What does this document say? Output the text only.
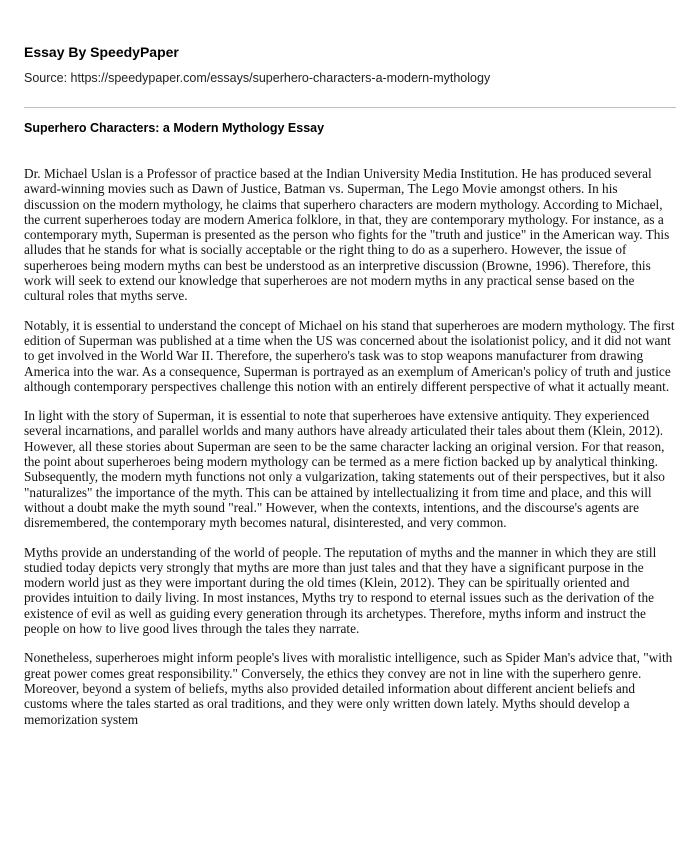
Essay By SpeedyPaper
Source: https://speedypaper.com/essays/superhero-characters-a-modern-mythology
Superhero Characters: a Modern Mythology Essay

Dr. Michael Uslan is a Professor of practice based at the Indian University Media Institution. He has produced several award-winning movies such as Dawn of Justice, Batman vs. Superman, The Lego Movie amongst others. In his discussion on the modern mythology, he claims that superhero characters are modern mythology. According to Michael, the current superheroes today are modern America folklore, in that, they are contemporary mythology. For instance, as a contemporary myth, Superman is presented as the person who fights for the "truth and justice" in the American way. This alludes that he stands for what is socially acceptable or the right thing to do as a superhero. However, the issue of superheroes being modern myths can best be understood as an interpretive discussion (Browne, 1996). Therefore, this work will seek to extend our knowledge that superheroes are not modern myths in any practical sense based on the cultural roles that myths serve.

Notably, it is essential to understand the concept of Michael on his stand that superheroes are modern mythology. The first edition of Superman was published at a time when the US was concerned about the isolationist policy, and it did not want to get involved in the World War II. Therefore, the superhero's task was to stop weapons manufacturer from drawing America into the war. As a consequence, Superman is portrayed as an exemplum of American's policy of truth and justice although contemporary perspectives challenge this notion with an entirely different perspective of what it actually meant.

In light with the story of Superman, it is essential to note that superheroes have extensive antiquity. They experienced several incarnations, and parallel worlds and many authors have already articulated their tales about them (Klein, 2012). However, all these stories about Superman are seen to be the same character lacking an original version. For that reason, the point about superheroes being modern mythology can be termed as a mere fiction backed up by analytical thinking. Subsequently, the modern myth functions not only a vulgarization, taking statements out of their perspectives, but it also "naturalizes" the importance of the myth. This can be attained by intellectualizing it from time and place, and this will without a doubt make the myth sound "real." However, when the contexts, intentions, and the discourse's agents are disremembered, the contemporary myth becomes natural, disinterested, and very common.

Myths provide an understanding of the world of people. The reputation of myths and the manner in which they are still studied today depicts very strongly that myths are more than just tales and that they have a significant purpose in the modern world just as they were important during the old times (Klein, 2012). They can be spiritually oriented and provides intuition to daily living. In most instances, Myths try to respond to eternal issues such as the derivation of the existence of evil as well as guiding every generation through its archetypes. Therefore, myths inform and instruct the people on how to live good lives through the tales they narrate.

Nonetheless, superheroes might inform people's lives with moralistic intelligence, such as Spider Man's advice that, "with great power comes great responsibility." Conversely, the ethics they convey are not in line with the superhero genre. Moreover, beyond a system of beliefs, myths also provided detailed information about different ancient beliefs and customs where the tales started as oral traditions, and they were only written down lately. Myths should develop a memorization system
